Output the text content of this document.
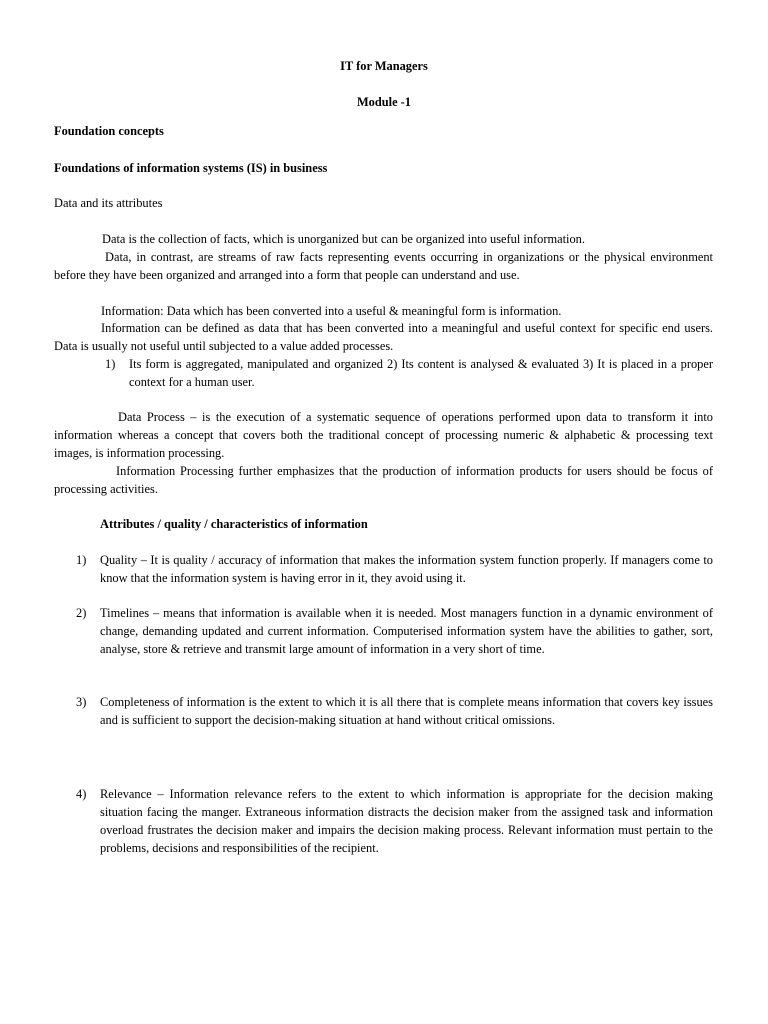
IT for Managers
Module -1
Foundation concepts
Foundations of information systems (IS) in business
Data and its attributes
Data is the collection of facts, which is unorganized but can be organized into useful information.
Data, in contrast, are streams of raw facts representing events occurring in organizations or the physical environment before they have been organized and arranged into a form that people can understand and use.
Information: Data which has been converted into a useful & meaningful form is information.
Information can be defined as data that has been converted into a meaningful and useful context for specific end users. Data is usually not useful until subjected to a value added processes.
1)	Its form is aggregated, manipulated and organized 2) Its content is analysed & evaluated 3) It is placed in a proper context for a human user.
Data Process – is the execution of a systematic sequence of operations performed upon data to transform it into information whereas a concept that covers both the traditional concept of processing numeric & alphabetic & processing text images, is information processing.
Information Processing further emphasizes that the production of information products for users should be focus of processing activities.
Attributes / quality / characteristics of information
1)	Quality – It is quality / accuracy of information that makes the information system function properly. If managers come to know that the information system is having error in it, they avoid using it.
2)	Timelines – means that information is available when it is needed. Most managers function in a dynamic environment of change, demanding updated and current information. Computerised information system have the abilities to gather, sort, analyse, store & retrieve and transmit large amount of information in a very short of time.
3)	Completeness of information is the extent to which it is all there that is complete means information that covers key issues and is sufficient to support the decision-making situation at hand without critical omissions.
4)	Relevance – Information relevance refers to the extent to which information is appropriate for the decision making situation facing the manger. Extraneous information distracts the decision maker from the assigned task and information overload frustrates the decision maker and impairs the decision making process. Relevant information must pertain to the problems, decisions and responsibilities of the recipient.
